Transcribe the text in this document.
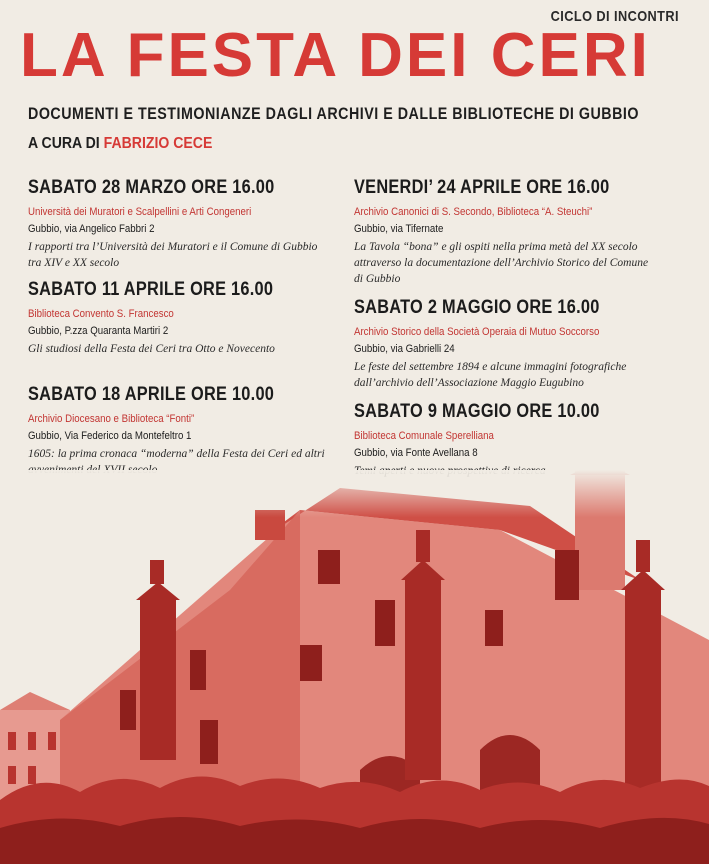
CICLO DI INCONTRI
LA FESTA DEI CERI
DOCUMENTI E TESTIMONIANZE DAGLI ARCHIVI E DALLE BIBLIOTECHE DI GUBBIO
A CURA DI FABRIZIO CECE
SABATO 28 MARZO ORE 16.00
Università dei Muratori e Scalpellini e Arti Congeneri
Gubbio, via Angelico Fabbri 2
I rapporti tra l’Università dei Muratori e il Comune di Gubbio tra XIV e XX secolo
SABATO 11 APRILE ORE 16.00
Biblioteca Convento S. Francesco
Gubbio, P.zza Quaranta Martiri 2
Gli studiosi della Festa dei Ceri tra Otto e Novecento
SABATO 18 APRILE ORE 10.00
Archivio Diocesano e Biblioteca “Fonti”
Gubbio, Via Federico da Montefeltro 1
1605: la prima cronaca “moderna” della Festa dei Ceri ed altri
VENERDI’ 24 APRILE ORE 16.00
Archivio Canonici di S. Secondo, Biblioteca “A. Steuchi”
Gubbio, via Tifernate
La Tavola “bona” e gli ospiti nella prima metà del XX secolo attraverso la documentazione dell’Archivio Storico del Comune di Gubbio
SABATO 2 MAGGIO ORE 16.00
Archivio Storico della Società Operaia di Mutuo Soccorso
Gubbio, via Gabrielli 24
Le feste del settembre 1894 e alcune immagini fotografiche dall’archivio dell’Associazione Maggio Eugubino
SABATO 9 MAGGIO ORE 10.00
Biblioteca Comunale Sperelliana
Gubbio, via Fonte Avellana 8
